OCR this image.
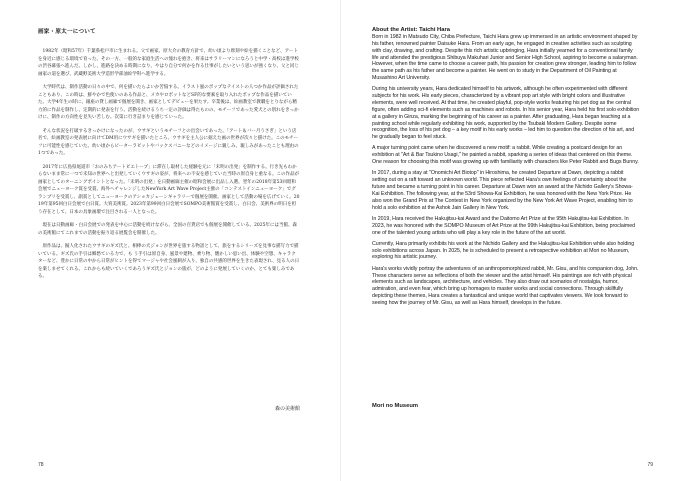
画家・原太一について

1982年（昭和57年）千葉県松戸市に生まれる。父で画家、原大介の教育方針で、幼い頃より彫刻や絵を描くことなど、アートを身近に感じる環境で育った。その一方、一般的な家庭生活への憧れを抱き、将来はサラリーマンになろうと中学・高校は進学校の渋谷幕張へ進んだ。しかし、進路を決める時期になり、やはり自分で何かを作る仕事がしたいという思いが強くなり、父と同じ画家の道を選び、武蔵野美術大学造形学部油絵学科へ進学する。

大学時代は、制作活動の日々の中で、何を描いたらよいか苦悩する。イラスト風のポップなテイストの人つか作品が評価されたこともあり、この時は、鮮やかで色使いのある作品と、メカやロボットなどSF的な要素を取り入れたポップな作品を描いていた。大学4年生の時に、銀座の貸し画廊で個展を開き、画家としてデビューを果たす。卒業後は、絵画教室で教職をとりながら精力的に作品を制作し、定期的に発表を行う。活動を続けるうち一定の評価は得たものの、モチーフであった愛犬との別れをきっかけに、制作の方向性を見失い苦しむ。次第に行き詰まりを感じていった。

そんな状況を打破するきっかけになったのが、ウサギというモチーフとの出会いであった。「アート＆バー月うさぎ」という店名で、絵画教室の発表展に向けてDM用にウサギを描いたところ、ウサギを主人公に据えた画の世界が次々と描けた。このモチーフに可能性を感じていた。幼い頃からピーターラビットやバックスバニーなどのイメージに親しみ、親しみがあったことも理由の1つであった。

2017年に広島県尾道市「おのみちアートビエトープ」に滞在し取材した経験を元に「未明の出発」を制作する。行き先もわからないまま常に一つで未知の世界へと出発していくウサギの姿が、将来への不安を感じていた当時の原自身と重なる。この作品が画家としてのターニングポイントとなった。「未明の出発」を日動画廊主催の昭和会展に出品し入選。翌年の2018年第53回昭和会展でニューヨーク賞を受賞。海外へチャレンジしたNewYork Art Wave Project主催の「コンテストインニューヨーク」でグランプリを受賞し、副賞としてニューヨークのアショカジェーンギャラリーで個展を開催。画家として活動の場を広げていく。2019年第95回白日会展で白日賞。大宥美術賞。2023年第99回白日会展でSOMPO美術館賞を受賞し、白日会、美術界の明日を担う存在として、日本の具象画壇で注目される一人となった。

現在は日動画廊・白日会展での発表を中心に活動を続けながら、全国の百貨店でも個展を開催している。2025年には当館、森の美術館にてこれまでの活動を振り返る展覧会を開催した。

原作品は、擬人化されたウサギのギズ氏と、相棒の犬ジョンが世界を旅する物語として、旅をするシリーズを見事な描写力で描いている。ギズ氏の手引は郷愁ている力で、も う手引は原自身、風景や建物、乗り物、懐かしい思い出、体験や空想、キャラクターなど、豊かに日常の中から日常がヒントを得てマージャや社会風刺が入り、独自の共感的世界を生きた表現され、見る人の日を楽しませてくれる。これからも続いていくであろうギズ氏とジョンの旅が、どのように発展していくのか、とても楽しみである。

森の美術館
78
About the Artist: Taichi Hara

Born in 1982 in Matsudo City, Chiba Prefecture, Taichi Hara grew up immersed in an artistic environment shaped by his father, renowned painter Daisuke Hara. From an early age, he engaged in creative activities such as sculpting with clay, drawing, and crafting. Despite this rich artistic upbringing, Hara initially yearned for a conventional family life and attended the prestigious Shibuya Makuhari Junior and Senior High School, aspiring to become a salaryman. However, when the time came to choose a career path, his passion for creation grew stronger, leading him to follow the same path as his father and become a painter. He went on to study in the Department of Oil Painting at Musashino Art University.

During his university years, Hara dedicated himself to his artwork, although he often experimented with different subjects for his work. His early pieces, characterized by a vibrant pop art style with bright colors and illustrative elements, were well received. At that time, he created playful, pop-style works featuring his pet dog as the central figure, often adding sci-fi elements such as machines and robots. In his senior year, Hara held his first solo exhibition at a gallery in Ginza, marking the beginning of his career as a painter. After graduating, Hara began teaching at a painting school while regularly exhibiting his work, supported by the Tsubaki Modern Gallery. Despite some recognition, the loss of his pet dog – a key motif in his early works – led him to question the direction of his art, and he gradually began to feel stuck.

A major turning point came when he discovered a new motif: a rabbit. While creating a postcard design for an exhibition at "Art & Bar Tsukino Usagi," he painted a rabbit, sparking a series of ideas that centered on this theme. One reason for choosing this motif was growing up with familiarity with characters like Peter Rabbit and Bugs Bunny.

In 2017, during a stay at "Onomichi Art Biotop" in Hiroshima, he created Departure at Dawn, depicting a rabbit setting out on a raft toward an unknown world. This piece reflected Hara's own feelings of uncertainty about the future and became a turning point in his career. Departure at Dawn won an award at the Nichido Gallery's Showa-Kai Exhibition. The following year, at the 53rd Showa-Kai Exhibition, he was honored with the New York Prize. He also won the Grand Prix at The Contest in New York organized by the New York Art Wave Project, enabling him to hold a solo exhibition at the Ashok Jain Gallery in New York.

In 2019, Hara received the Hakujitsu-kai Award and the Daitomo Art Prize at the 95th Hakujitsu-kai Exhibition. In 2023, he was honored with the SOMPO Museum of Art Prize at the 99th Hakujitsu-kai Exhibition, being proclaimed one of the talented young artists who will play a key role in the future of the art world.

Currently, Hara primarily exhibits his work at the Nichido Gallery and the Hakujitsu-kai Exhibition while also holding solo exhibitions across Japan. In 2025, he is scheduled to present a retrospective exhibition at Mori no Museum, exploring his artistic journey.

Hara's works vividly portray the adventures of an anthropomorphized rabbit, Mr. Gisu, and his companion dog, John. These characters serve as reflections of both the viewer and the artist himself. His paintings are rich with physical elements such as landscapes, architecture, and vehicles. They also draw out scenarios of nostalgia, humor, admiration, and even fear, which bring up homages to master works and social connections. Through skillfully depicting these themes, Hara creates a fantastical and unique world that captivates viewers. We look forward to seeing how the journey of Mr. Gisu, as well as Hara himself, develops in the future.

Mori no Museum
79
